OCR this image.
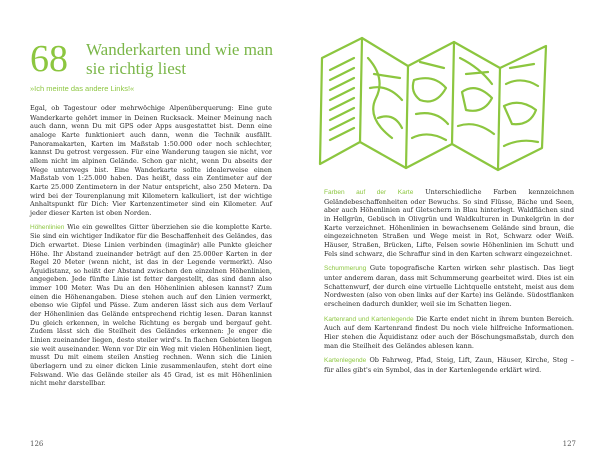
68 Wanderkarten und wie man sie richtig liest
»Ich meinte das andere Links!«

Egal, ob Tagestour oder mehrwöchige Alpenüberquerung: Eine gute Wanderkarte gehört immer in Deinen Rucksack. Meiner Meinung nach auch dann, wenn Du mit GPS oder Apps ausgestattet bist. Denn eine analoge Karte funktioniert auch dann, wenn die Technik ausfällt. Panoramakarten, Karten im Maßstab 1:50.000 oder noch schlechter, kannst Du getrost vergessen. Für eine Wanderung taugen sie nicht, vor allem nicht im alpinen Gelände. Schon gar nicht, wenn Du abseits der Wege unterwegs bist. Eine Wanderkarte sollte idealerweise einen Maßstab von 1:25.000 haben. Das heißt, dass ein Zentimeter auf der Karte 25.000 Zentimetern in der Natur entspricht, also 250 Metern. Da wird bei der Tourenplanung mit Kilometern kalkuliert, ist der wichtige Anhaltspunkt für Dich: Vier Kartenzentimeter sind ein Kilometer. Auf jeder dieser Karten ist oben Norden.

Höhenlinien Wie ein gewelltes Gitter überziehen sie die komplette Karte. Sie sind ein wichtiger Indikator für die Beschaffenheit des Geländes, das Dich erwartet. Diese Linien verbinden (imaginär) alle Punkte gleicher Höhe. Ihr Abstand zueinander beträgt auf den 25.000er Karten in der Regel 20 Meter (wenn nicht, ist das in der Legende vermerkt). Also Äquidistanz, so heißt der Abstand zwischen den einzelnen Höhenlinien, angegeben. Jede fünfte Linie ist fetter dargestellt, das sind dann also immer 100 Meter. Was Du an den Höhenlinien ablesen kannst? Zum einen die Höhenangaben. Diese stehen auch auf den Linien vermerkt, ebenso wie Gipfel und Pässe. Zum anderen lässt sich aus dem Verlauf der Höhenlinien das Gelände entsprechend richtig lesen. Daran kannst Du gleich erkennen, in welche Richtung es bergab und bergauf geht. Zudem lässt sich die Steilheit des Geländes erkennen: Je enger die Linien zueinander liegen, desto steiler wird's. In flachen Gebieten liegen sie weit auseinander. Wenn vor Dir ein Weg mit vielen Höhenlinien liegt, musst Du mit einem steilen Anstieg rechnen. Wenn sich die Linien überlagern und zu einer dicken Linie zusammenlaufen, steht dort eine Felswand. Wie das Gelände steiler als 45 Grad, ist es mit Höhenlinien nicht mehr darstellbar.

126

Farben auf der Karte Unterschiedliche Farben kennzeichnen Geländebeschaffenheiten oder Bewuchs. So sind Flüsse, Bäche und Seen, aber auch Höhenlinien auf Gletschern in Blau hinterlegt. Waldflächen sind in Hellgrün, Gebüsch in Olivgrün und Waldkulturen in Dunkelgrün in der Karte verzeichnet. Höhenlinien in bewachsenem Gelände sind braun, die eingezeichneten Straßen und Wege meist in Rot, Schwarz oder Weiß. Häuser, Straßen, Brücken, Lifte, Felsen sowie Höhenlinien im Schutt und Fels sind schwarz, die Schraffur sind in den Karten schwarz eingezeichnet.

Schummerung Gute topografische Karten wirken sehr plastisch. Das liegt unter anderem daran, dass mit Schummerung gearbeitet wird. Dies ist ein Schattenwurf, der durch eine virtuelle Lichtquelle entsteht, meist aus dem Nordwesten (also von oben links auf der Karte) ins Gelände. Südostflanken erscheinen dadurch dunkler, weil sie im Schatten liegen.

Kartenrand und Kartenlegende Die Karte endet nicht in ihrem bunten Bereich. Auch auf dem Kartenrand findest Du noch viele hilfreiche Informationen. Hier stehen die Äquidistanz oder auch der Böschungsmaßstab, durch den man die Steilheit des Geländes ablesen kann.

Kartenlegende Ob Fahrweg, Pfad, Steig, Lift, Zaun, Häuser, Kirche, Steg – für alles gibt's ein Symbol, das in der Kartenlegende erklärt wird.

127
